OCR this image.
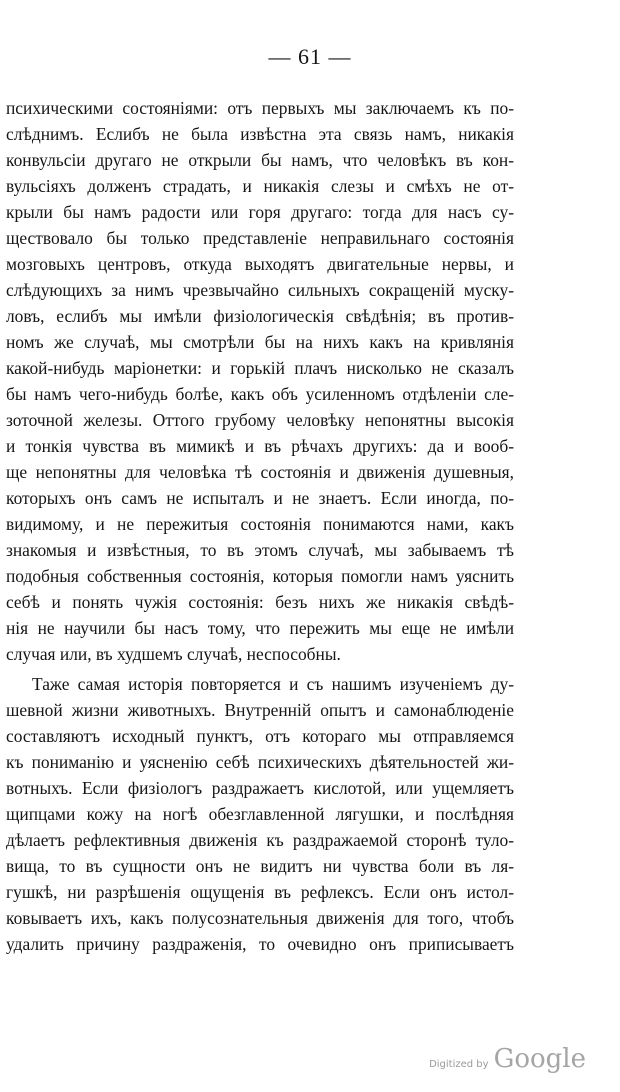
— 61 —
психическими состояніями: отъ первыхъ мы заключаемъ къ по-
слѣднимъ. Еслибъ не была извѣстна эта связь намъ, никакія
конвульсіи другаго не открыли бы намъ, что человѣкъ въ кон-
вульсіяхъ долженъ страдать, и никакія слезы и смѣхъ не от-
крыли бы намъ радости или горя другаго: тогда для насъ су-
ществовало бы только представленіе неправильнаго состоянія
мозговыхъ центровъ, откуда выходятъ двигательные нервы, и
слѣдующихъ за нимъ чрезвычайно сильныхъ сокращеній муску-
ловъ, еслибъ мы имѣли физіологическія свѣдѣнія; въ против-
номъ же случаѣ, мы смотрѣли бы на нихъ какъ на кривлянія
какой-нибудь маріонетки: и горькій плачъ нисколько не сказалъ
бы намъ чего-нибудь болѣе, какъ объ усиленномъ отдѣленіи сле-
зоточной железы. Оттого грубому человѣку непонятны высокія
и тонкія чувства въ мимикѣ и въ рѣчахъ другихъ: да и вооб-
ще непонятны для человѣка тѣ состоянія и движенія душевныя,
которыхъ онъ самъ не испыталъ и не знаетъ. Если иногда, по-
видимому, и не пережитыя состоянія понимаются нами, какъ
знакомыя и извѣстныя, то въ этомъ случаѣ, мы забываемъ тѣ
подобныя собственныя состоянія, которыя помогли намъ уяснить
себѣ и понять чужія состоянія: безъ нихъ же никакія свѣдѣ-
нія не научили бы насъ тому, что пережить мы еще не имѣли
случая или, въ худшемъ случаѣ, неспособны.
Таже самая исторія повторяется и съ нашимъ изученіемъ ду-
шевной жизни животныхъ. Внутренній опытъ и самонаблюденіе
составляютъ исходный пунктъ, отъ котораго мы отправляемся
къ пониманію и уясненію себѣ психическихъ дѣятельностей жи-
вотныхъ. Если физіологъ раздражаетъ кислотой, или ущемляетъ
щипцами кожу на ногѣ обезглавленной лягушки, и послѣдняя
дѣлаетъ рефлективныя движенія къ раздражаемой сторонѣ туло-
вища, то въ сущности онъ не видитъ ни чувства боли въ ля-
гушкѣ, ни разрѣшенія ощущенія въ рефлексъ. Если онъ истол-
ковываетъ ихъ, какъ полусознательныя движенія для того, чтобъ
удалить причину раздраженія, то очевидно онъ приписываетъ
Digitized by Google
